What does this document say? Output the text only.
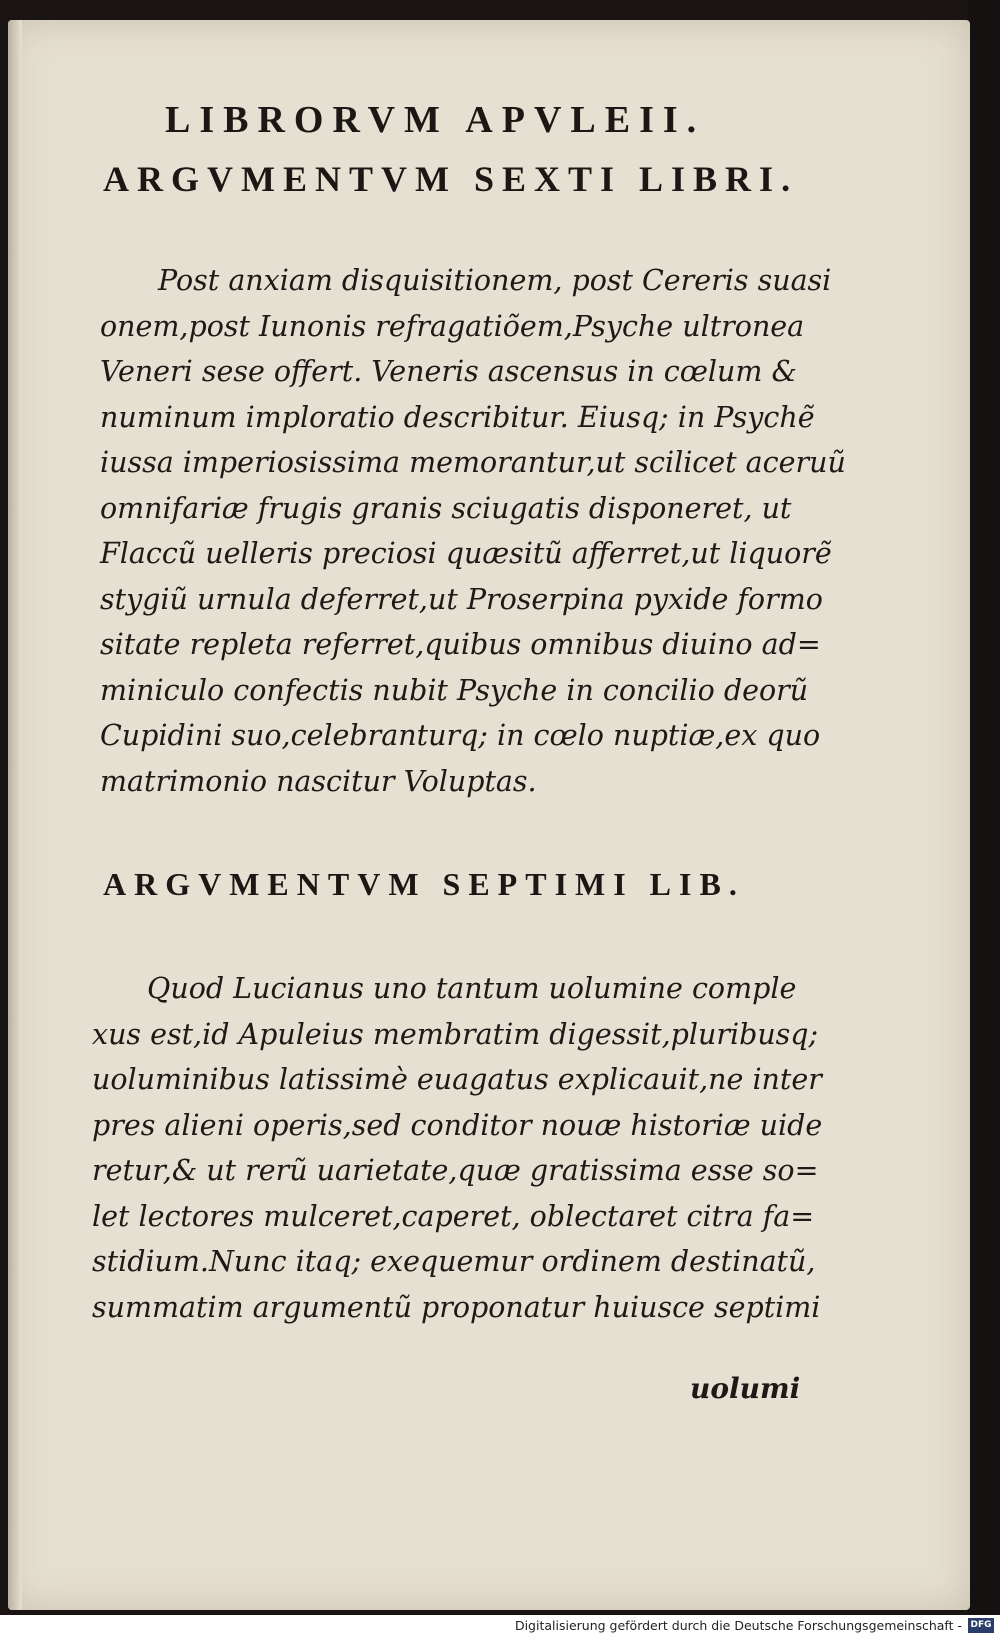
LIBRORVM APVLEII.
ARGVMENTVM SEXTI LIBRI.
Post anxiam disquisitionem, post Cereris suasi
onem,post Iunonis refragatiõem,Psyche ultronea
Veneri sese offert. Veneris ascensus in cœlum &
numinum imploratio describitur. Eiusq; in Psychẽ
iussa imperiosissima memorantur,ut scilicet aceruũ
omnifariæ frugis granis sciugatis disponeret, ut
Flaccũ uelleris preciosi quæsitũ afferret,ut liquorẽ
stygiũ urnula deferret,ut Proserpina pyxide formo
sitate repleta referret,quibus omnibus diuino ad=
miniculo confectis nubit Psyche in concilio deorũ
Cupidini suo,celebranturq; in cœlo nuptiæ,ex quo
matrimonio nascitur Voluptas.
ARGVMENTVM SEPTIMI LIB.
Quod Lucianus uno tantum uolumine comple
xus est,id Apuleius membratim digessit,pluribusq;
uoluminibus latissimè euagatus explicauit,ne inter
pres alieni operis,sed conditor nouæ historiæ uide
retur,& ut rerũ uarietate,quæ gratissima esse so=
let lectores mulceret,caperet, oblectaret citra fa=
stidium.Nunc itaq; exequemur ordinem destinatũ,
summatim argumentũ proponatur huiusce septimi
uolumi
Digitalisierung gefördert durch die Deutsche Forschungsgemeinschaft - DFG
